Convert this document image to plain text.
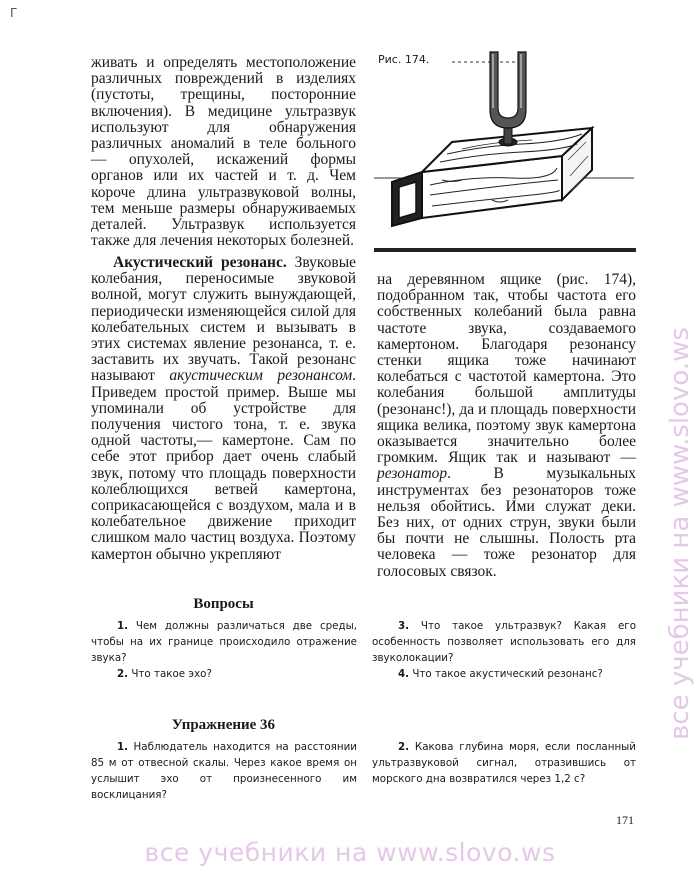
Г

живать и определять местоположение различных повреждений в изделиях (пустоты, трещины, посторонние включения). В медицине ультразвук используют для обнаружения различных аномалий в теле больного — опухолей, искажений формы органов или их частей и т. д. Чем короче длина ультразвуковой волны, тем меньше размеры обнаруживаемых деталей. Ультразвук используется также для лечения некоторых болезней.

Акустический резонанс. Звуковые колебания, переносимые звуковой волной, могут служить вынуждающей, периодически изменяющейся силой для колебательных систем и вызывать в этих системах явление резонанса, т. е. заставить их звучать. Такой резонанс называют акустическим резонансом. Приведем простой пример. Выше мы упоминали об устройстве для получения чистого тона, т. е. звука одной частоты,— камертоне. Сам по себе этот прибор дает очень слабый звук, потому что площадь поверхности колеблющихся ветвей камертона, соприкасающейся с воздухом, мала и в колебательное движение приходит слишком мало частиц воздуха. Поэтому камертон обычно укрепляют

на деревянном ящике (рис. 174), подобранном так, чтобы частота его собственных колебаний была равна частоте звука, создаваемого камертоном. Благодаря резонансу стенки ящика тоже начинают колебаться с частотой камертона. Это колебания большой амплитуды (резонанс!), да и площадь поверхности ящика велика, поэтому звук камертона оказывается значительно более громким. Ящик так и называют — резонатор. В музыкальных инструментах без резонаторов тоже нельзя обойтись. Ими служат деки. Без них, от одних струн, звуки были бы почти не слышны. Полость рта человека — тоже резонатор для голосовых связок.

Рис. 174.
Вопросы

1. Чем должны различаться две среды, чтобы на их границе происходило отражение звука?

2. Что такое эхо?

3. Что такое ультразвук? Какая его особенность позволяет использовать его для звуколокации?

4. Что такое акустический резонанс?

Упражнение 36

1. Наблюдатель находится на расстоянии 85 м от отвесной скалы. Через какое время он услышит эхо от произнесенного им восклицания?

2. Какова глубина моря, если посланный ультразвуковой сигнал, отразившись от морского дна возвратился через 1,2 с?

171
все учебники на www.slovo.ws
все учебники на www.slovo.ws
